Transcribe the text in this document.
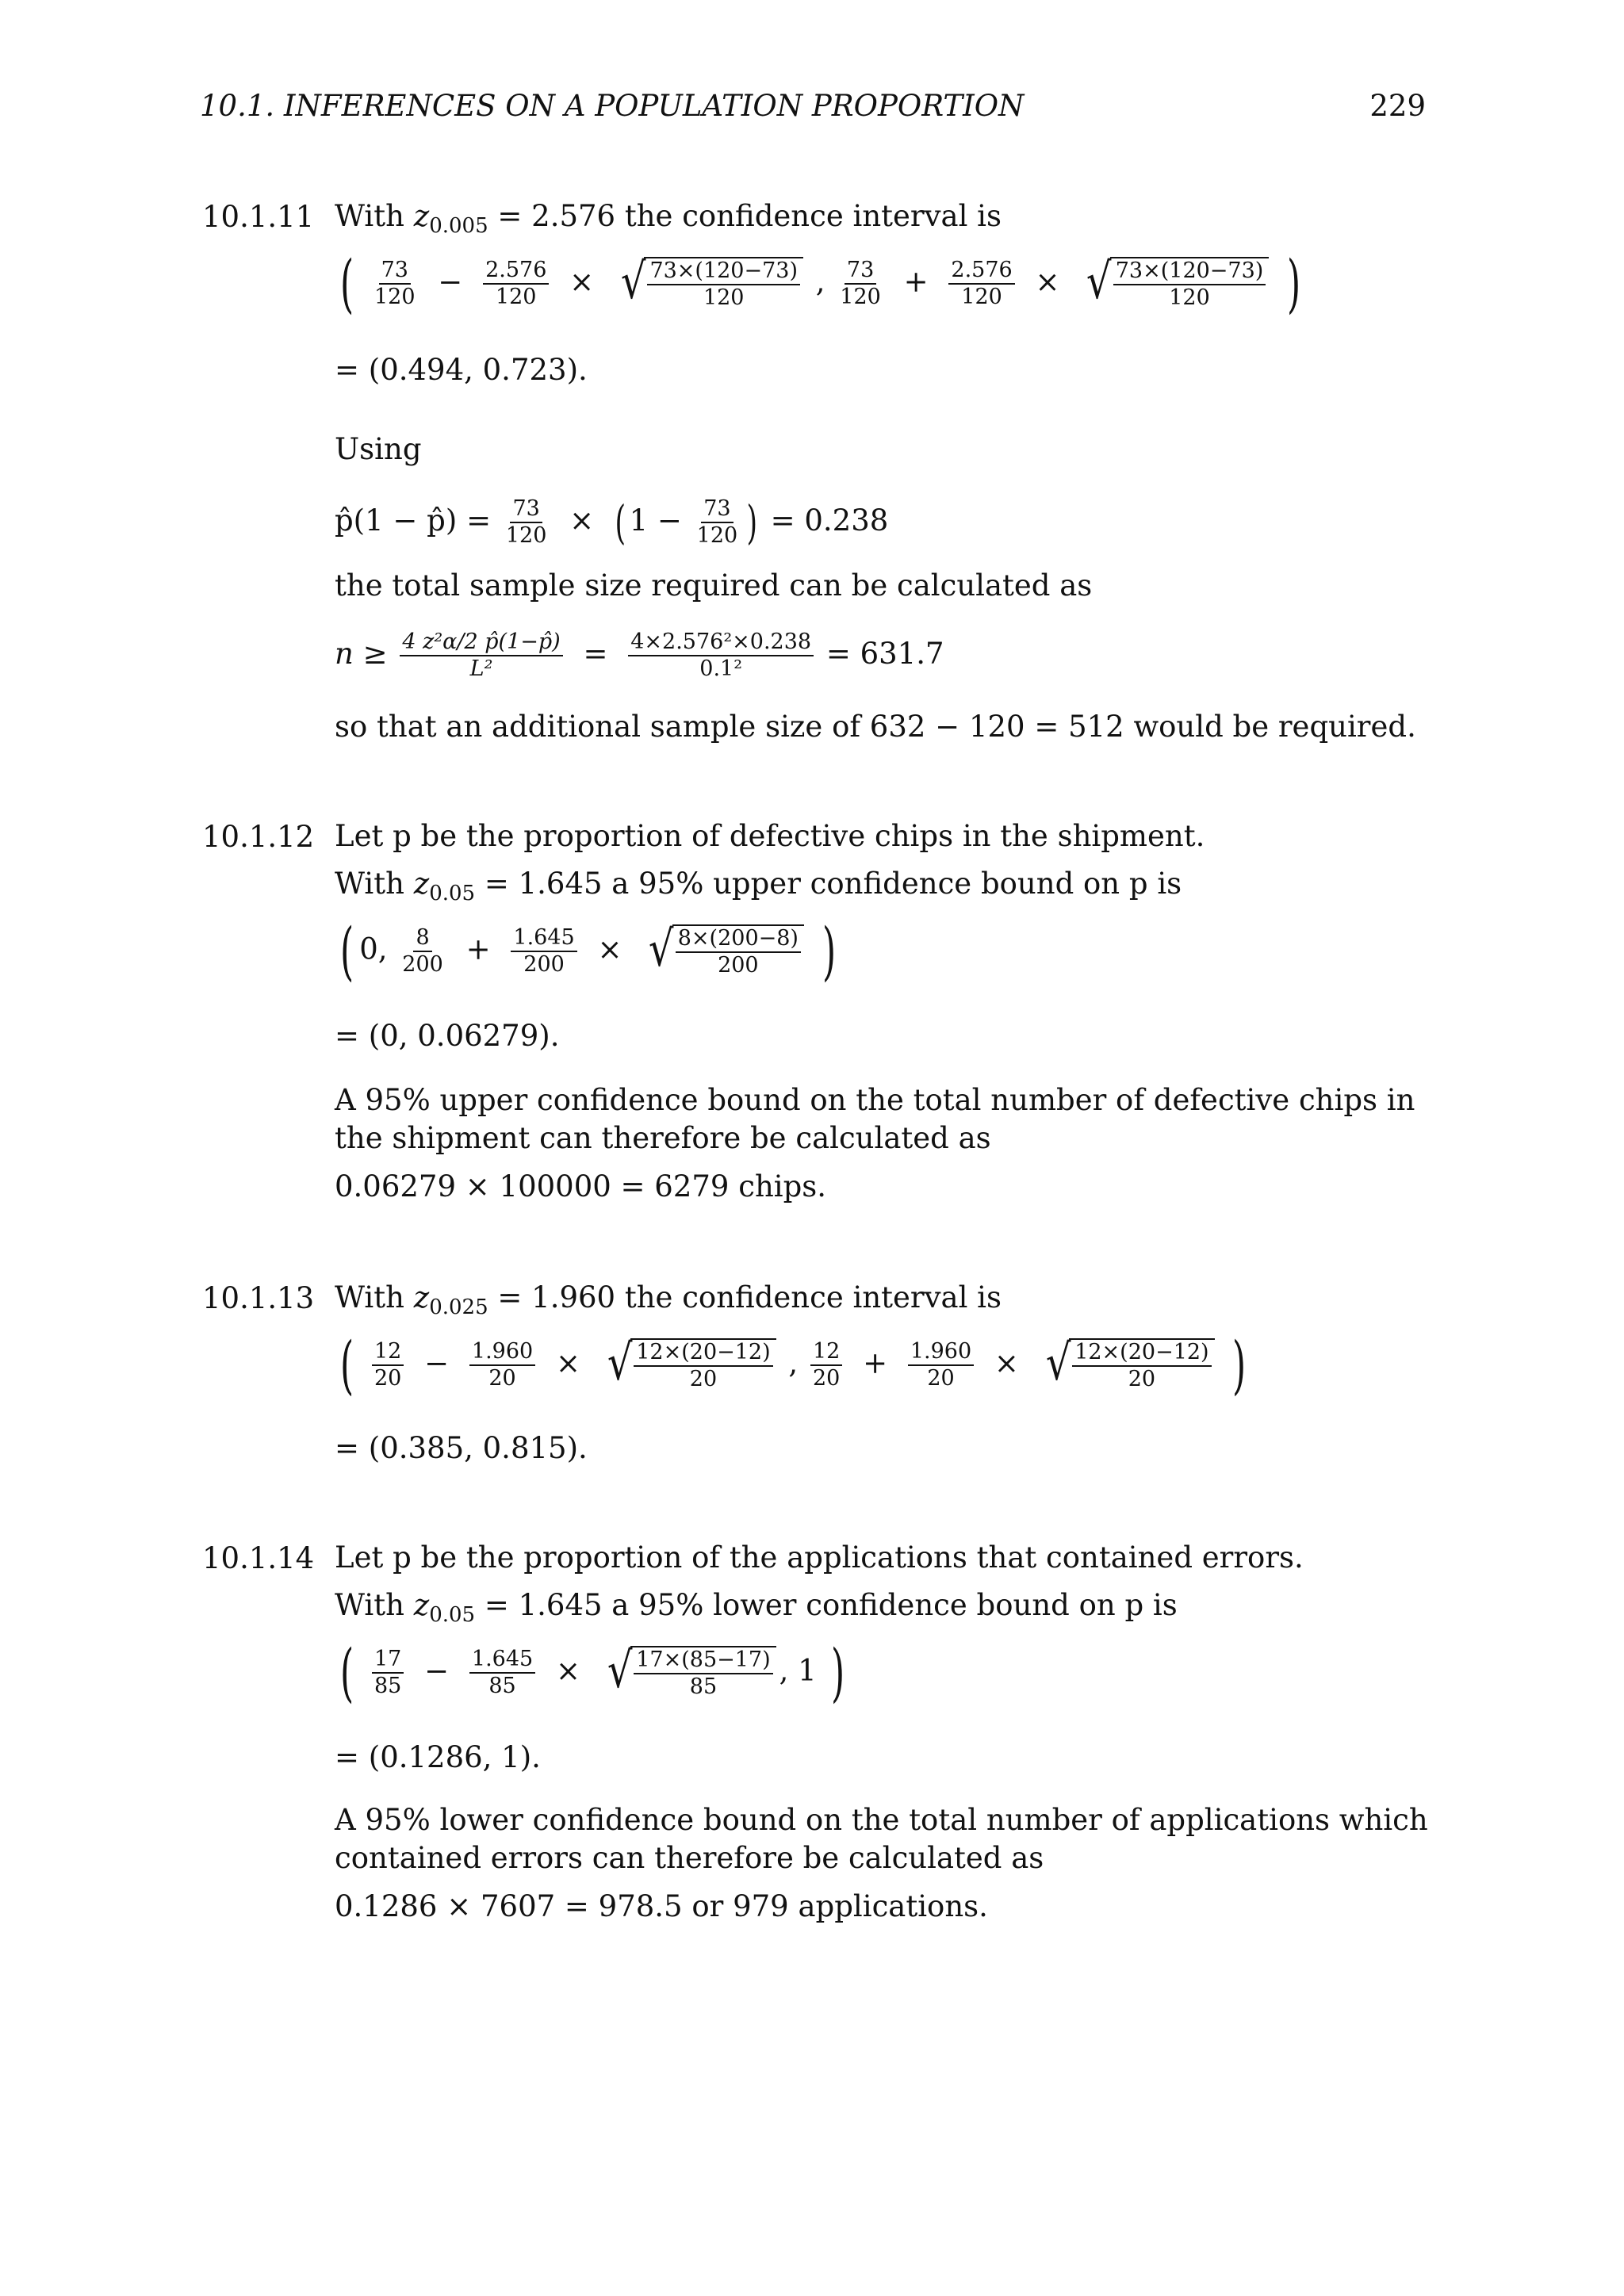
10.1. INFERENCES ON A POPULATION PROPORTION	229
10.1.11 With $z_{0.005} = 2.576$ the confidence interval is
( $\frac{73}{120} - \frac{2.576}{120}$ × √ $\frac{73\times(120-73)}{120}$ , $\frac{73}{120} + \frac{2.576}{120}$ × √ $\frac{73\times(120-73)}{120}$ )
= (0.494, 0.723).
Using
p̂(1 − p̂) = $\frac{73}{120}$ × ( $1 - \frac{73}{120}$ ) = 0.238
the total sample size required can be calculated as
$n \ge \frac{\text{4 z²α/2 p̂(1−p̂)}}{\text{L²}} = \frac{\text{4×2.576²×0.238}}{\text{0.1²}} = 631.7$
so that an additional sample size of 632 − 120 = 512 would be required.
10.1.12 Let p be the proportion of defective chips in the shipment.
With $z_{0.05} = 1.645$ a 95% upper confidence bound on p is
( 0, $\frac{8}{200} + \frac{1.645}{200}$ × √ $\frac{8\times(200-8)}{200}$ )
= (0, 0.06279).
A 95% upper confidence bound on the total number of defective chips in the shipment can therefore be calculated as
0.06279 × 100000 = 6279 chips.
10.1.13 With $z_{0.025} = 1.960$ the confidence interval is
( $\frac{12}{20} - \frac{1.960}{20}$ × √ $\frac{12\times(20-12)}{20}$ , $\frac{12}{20} + \frac{1.960}{20}$ × √ $\frac{12\times(20-12)}{20}$ )
= (0.385, 0.815).
10.1.14 Let p be the proportion of the applications that contained errors.
With $z_{0.05} = 1.645$ a 95% lower confidence bound on p is
( $\frac{17}{85} - \frac{1.645}{85}$ × √ $\frac{17\times(85-17)}{85}$ , 1 )
= (0.1286, 1).
A 95% lower confidence bound on the total number of applications which contained errors can therefore be calculated as
0.1286 × 7607 = 978.5 or 979 applications.
